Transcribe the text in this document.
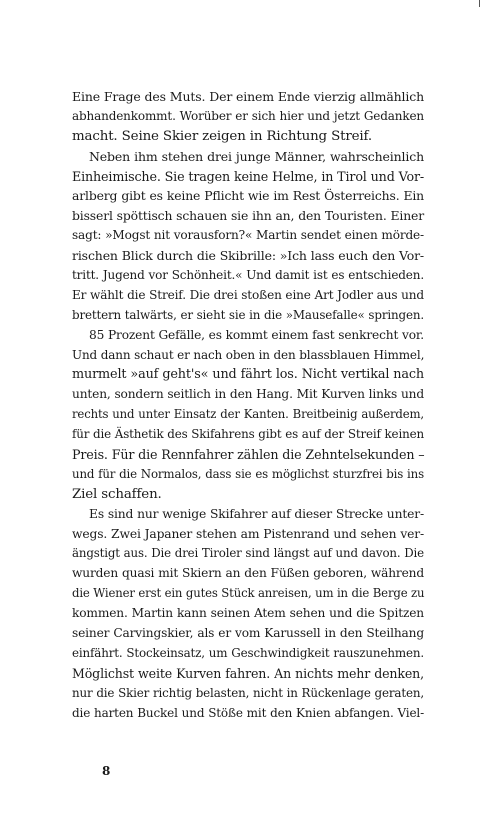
Eine Frage des Muts. Der einem Ende vierzig allmählich
abhandenkommt. Worüber er sich hier und jetzt Gedanken
macht. Seine Skier zeigen in Richtung Streif.
Neben ihm stehen drei junge Männer, wahrscheinlich
Einheimische. Sie tragen keine Helme, in Tirol und Vor-
arlberg gibt es keine Pflicht wie im Rest Österreichs. Ein
bisserl spöttisch schauen sie ihn an, den Touristen. Einer
sagt: »Mogst nit vorausforn?« Martin sendet einen mörde-
rischen Blick durch die Skibrille: »Ich lass euch den Vor-
tritt. Jugend vor Schönheit.« Und damit ist es entschieden.
Er wählt die Streif. Die drei stoßen eine Art Jodler aus und
brettern talwärts, er sieht sie in die »Mausefalle« springen.
85 Prozent Gefälle, es kommt einem fast senkrecht vor.
Und dann schaut er nach oben in den blassblauen Himmel,
murmelt »auf geht's« und fährt los. Nicht vertikal nach
unten, sondern seitlich in den Hang. Mit Kurven links und
rechts und unter Einsatz der Kanten. Breitbeinig außerdem,
für die Ästhetik des Skifahrens gibt es auf der Streif keinen
Preis. Für die Rennfahrer zählen die Zehntelsekunden –
und für die Normalos, dass sie es möglichst sturzfrei bis ins
Ziel schaffen.
Es sind nur wenige Skifahrer auf dieser Strecke unter-
wegs. Zwei Japaner stehen am Pistenrand und sehen ver-
ängstigt aus. Die drei Tiroler sind längst auf und davon. Die
wurden quasi mit Skiern an den Füßen geboren, während
die Wiener erst ein gutes Stück anreisen, um in die Berge zu
kommen. Martin kann seinen Atem sehen und die Spitzen
seiner Carvingskier, als er vom Karussell in den Steilhang
einfährt. Stockeinsatz, um Geschwindigkeit rauszunehmen.
Möglichst weite Kurven fahren. An nichts mehr denken,
nur die Skier richtig belasten, nicht in Rückenlage geraten,
die harten Buckel und Stöße mit den Knien abfangen. Viel-
8
